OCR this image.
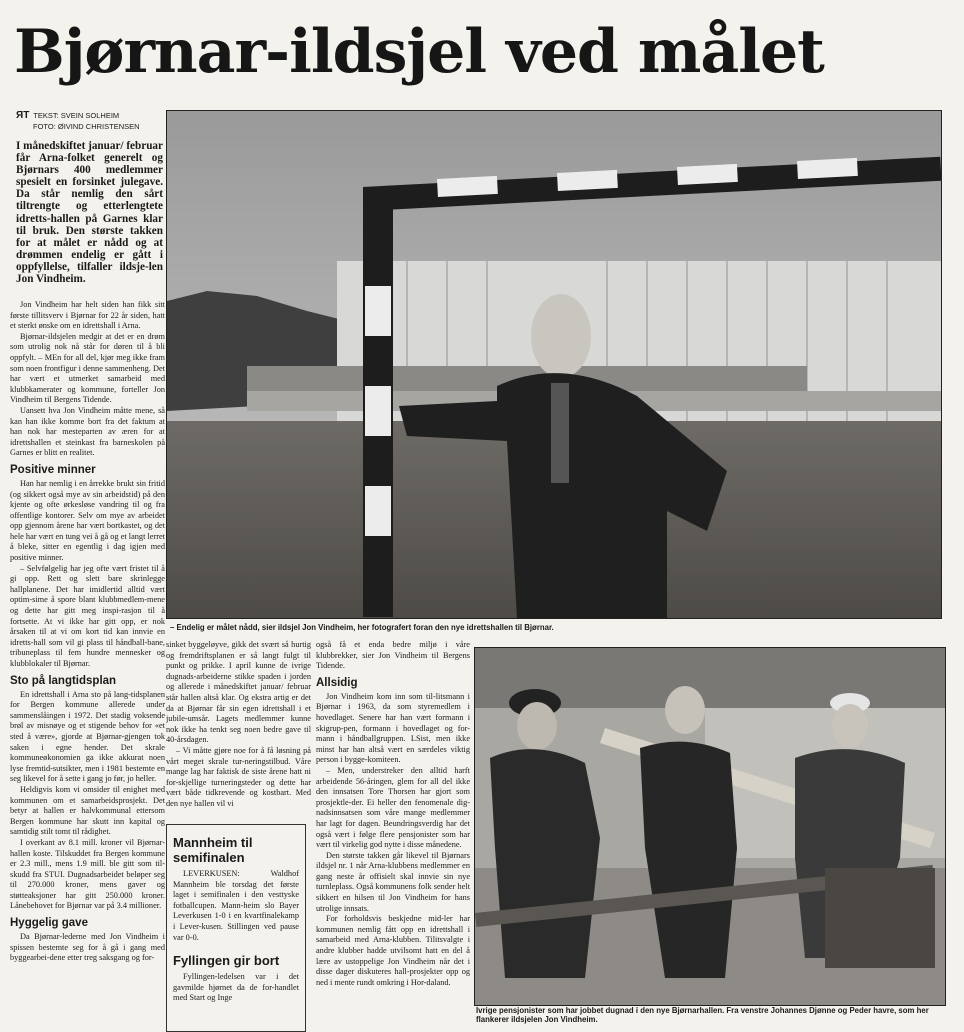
Bjørnar-ildsjel ved målet
ЯТ TEKST: SVEIN SOLHEIM
FOTO: ØIVIND CHRISTENSEN
I månedskiftet januar/ februar får Arna-folket generelt og Bjørnars 400 medlemmer spesielt en forsinket julegave. Da står nemlig den sårt tiltrengte og etterlengtete idretts-hallen på Garnes klar til bruk. Den største takken for at målet er nådd og at drømmen endelig er gått i oppfyllelse, tilfaller ildsje-len Jon Vindheim.

Jon Vindheim har helt siden han fikk sitt første tillitsverv i Bjørnar for 22 år siden, hatt et sterkt ønske om en idrettshall i Arna.

Bjørnar-ildsjelen medgir at det er en drøm som utrolig nok nå står for døren til å bli oppfylt. – MEn for all del, kjør meg ikke fram som noen frontfigur i denne sammenheng. Det har vært et utmerket samarbeid med klubbkamerater og kommune, forteller Jon Vindheim til Bergens Tidende.

Uansett hva Jon Vindheim måtte mene, så kan han ikke komme bort fra det faktum at han nok har mesteparten av æren for at idrettshallen et steinkast fra barneskolen på Garnes er blitt en realitet.

Positive minner

Han har nemlig i en årrekke brukt sin fritid (og sikkert også mye av sin arbeidstid) på den kjente og ofte ørkesløse vandring til og fra offentlige kontorer. Selv om mye av arbeidet opp gjennom årene har vært bortkastet, og det hele har vært en tung vei å gå og et langt lerret å bleke, sitter en egentlig i dag igjen med positive minner.

– Selvfølgelig har jeg ofte vært fristet til å gi opp. Rett og slett bare skrinlegge hallplanene. Det har imidlertid alltid vært optim-sime å spore blant klubbmedlem-mene og dette har gitt meg inspi-rasjon til å fortsette. At vi ikke har gitt opp, er nok årsaken til at vi om kort tid kan innvie en idretts-hall som vil gi plass til håndball-bane, tribuneplass til fem hundre mennesker og klubblokaler til Bjørnar.

Sto på langtidsplan

En idrettshall i Arna sto på lang-tidsplanen for Bergen kommune allerede under sammenslåingen i 1972. Det stadig voksende brøl av misnøye og et stigende behov for «et sted å være», gjorde at Bjørnar-gjengen tok saken i egne hender. Det skrale kommuneøkonomien ga ikke akkurat noen lyse fremtid-sutsikter, men i 1981 bestemte en seg likevel for å sette i gang jo før, jo heller.

Heldigvis kom vi omsider til enighet med kommunen om et samarbeidsprosjekt. Det betyr at hallen er halvkommunal ettersom Bergen kommune har skutt inn kapital og samtidig stilt tomt til rådighet.

I overkant av 8.1 mill. kroner vil Bjørnar-hallen koste. Tilskuddet fra Bergen kommune er 2.3 mill., mens 1.9 mill. ble gitt som til-skudd fra STUI. Dugnadsarbeidet beløper seg til 270.000 kroner, mens gaver og støtteaksjoner har gitt 250.000 kroner. Lånebehovet for Bjørnar var på 3.4 millioner.

Hyggelig gave

Da Bjørnar-lederne med Jon Vindheim i spissen bestemte seg for å gå i gang med byggearbei-dene etter treg saksgang og for-

– Endelig er målet nådd, sier ildsjel Jon Vindheim, her fotografert foran den nye idrettshallen til Bjørnar.

sinket byggeløyve, gikk det svært så hurtig og fremdriftsplanen er så langt fulgt til punkt og prikke. I april kunne de ivrige dugnads-arbeiderne stikke spaden i jorden og allerede i månedskiftet januar/ februar står hallen altså klar. Og ekstra artig er det da at Bjørnar får sin egen idrettshall i et jubile-umsår. Lagets medlemmer kunne nok ikke ha tenkt seg noen bedre gave til 40-årsdagen.

– Vi måtte gjøre noe for å få løsning på vårt meget skrale tur-neringstilbud. Våre mange lag har faktisk de siste årene hatt ni for-skjellige turneringsteder og dette har vært både tidkrevende og kostbart. Med den nye hallen vil vi

Mannheim til semifinalen

LEVERKUSEN: Waldhof Mannheim ble torsdag det første laget i semifinalen i den vesttyske fotballcupen. Mann-heim slo Bayer Leverkusen 1-0 i en kvartfinalekamp i Lever-kusen. Stillingen ved pause var 0-0.

Fyllingen gir bort

Fyllingen-ledelsen var i det gavmilde hjørnet da de for-handlet med Start og Inge

også få et enda bedre miljø i våre klubbrekker, sier Jon Vindheim til Bergens Tidende.

Allsidig

Jon Vindheim kom inn som til-litsmann i Bjørnar i 1963, da som styremedlem i hovedlaget. Senere har han vært formann i skigrup-pen, formann i hovedlaget og for-mann i håndballgruppen. LSist, men ikke minst har han altså vært en særdeles viktig person i bygge-komiteen.

– Men, understreker den alltid harft arbeidende 56-åringen, glem for all del ikke den innsatsen Tore Thorsen har gjort som prosjektle-der. Ei heller den fenomenale dig-nadsinnsatsen som våre mange medlemmer har lagt for dagen. Beundringsverdig har det også vært i følge flere pensjonister som har vært til virkelig god nytte i disse månedene.

Den største takken går likevel til Bjørnars ildsjel nr. 1 når Arna-klubbens medlemmer en gang neste år offisielt skal innvie sin nye turnleplass. Også kommunens folk sender helt sikkert en hilsen til Jon Vindheim for hans utrolige innsats.

For forholdsvis beskjedne mid-ler har kommunen nemlig fått opp en idrettshall i samarbeid med Arna-klubben. Tilitsvalgte i andre klubber hadde utvilsomt hatt en del å lære av ustoppelige Jon Vindheim når det i disse dager diskuteres hall-prosjekter opp og ned i mente rundt omkring i Hor-daland.

Ivrige pensjonister som har jobbet dugnad i den nye Bjørnarhallen. Fra venstre Johannes Djønne og Peder havre, som her flankerer ildsjelen Jon Vindheim.
